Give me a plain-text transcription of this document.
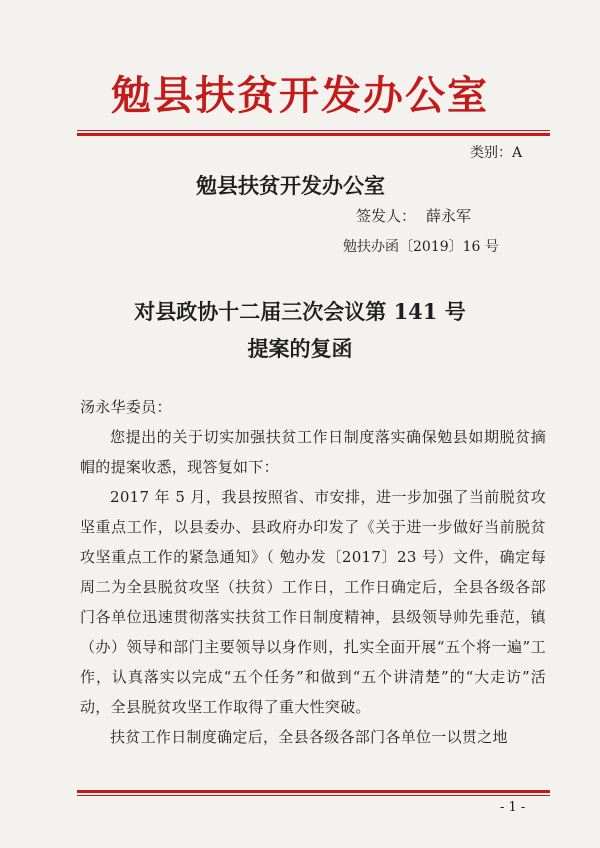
勉县扶贫开发办公室
类别：A
勉县扶贫开发办公室
签发人： 薛永军
勉扶办函〔2019〕16 号
对县政协十二届三次会议第 141 号
提案的复函

汤永华委员：

您提出的关于切实加强扶贫工作日制度落实确保勉县如期脱贫摘帽的提案收悉，现答复如下：

2017 年 5 月，我县按照省、市安排，进一步加强了当前脱贫攻坚重点工作，以县委办、县政府办印发了《关于进一步做好当前脱贫攻坚重点工作的紧急通知》（ 勉办发〔2017〕23 号）文件，确定每周二为全县脱贫攻坚（扶贫）工作日，工作日确定后，全县各级各部门各单位迅速贯彻落实扶贫工作日制度精神，县级领导帅先垂范，镇（办）领导和部门主要领导以身作则，扎实全面开展“五个将一遍”工作，认真落实以完成“五个任务”和做到“五个讲清楚”的“大走访”活动，全县脱贫攻坚工作取得了重大性突破。

扶贫工作日制度确定后，全县各级各部门各单位一以贯之地

- 1 -
